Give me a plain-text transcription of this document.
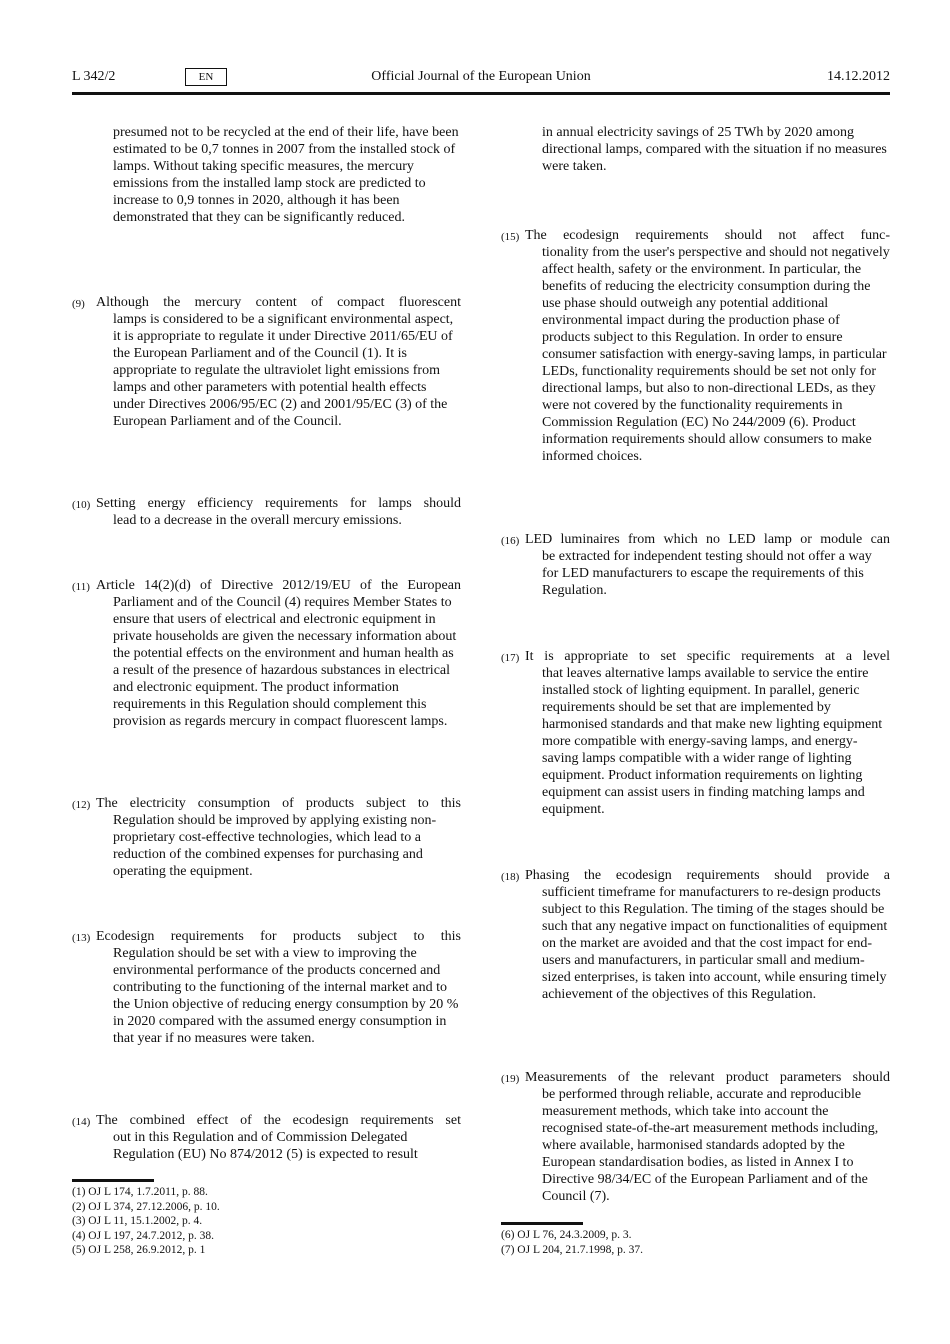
L 342/2	EN	Official Journal of the European Union	14.12.2012
presumed not to be recycled at the end of their life, have been estimated to be 0,7 tonnes in 2007 from the installed stock of lamps. Without taking specific measures, the mercury emissions from the installed lamp stock are predicted to increase to 0,9 tonnes in 2020, although it has been demonstrated that they can be significantly reduced.
(9) Although the mercury content of compact fluorescent
lamps is considered to be a significant environmental aspect, it is appropriate to regulate it under Directive 2011/65/EU of the European Parliament and of the Council (1). It is appropriate to regulate the ultraviolet light emissions from lamps and other parameters with potential health effects under Directives 2006/95/EC (2) and 2001/95/EC (3) of the European Parliament and of the Council.
(10) Setting energy efficiency requirements for lamps should
lead to a decrease in the overall mercury emissions.
(11) Article 14(2)(d) of Directive 2012/19/EU of the European
Parliament and of the Council (4) requires Member States to ensure that users of electrical and electronic equipment in private households are given the necessary information about the potential effects on the environment and human health as a result of the presence of hazardous substances in electrical and electronic equipment. The product information requirements in this Regulation should complement this provision as regards mercury in compact fluorescent lamps.
(12) The electricity consumption of products subject to this
Regulation should be improved by applying existing non-proprietary cost-effective technologies, which lead to a reduction of the combined expenses for purchasing and operating the equipment.
(13) Ecodesign requirements for products subject to this
Regulation should be set with a view to improving the environmental performance of the products concerned and contributing to the functioning of the internal market and to the Union objective of reducing energy consumption by 20 % in 2020 compared with the assumed energy consumption in that year if no measures were taken.
(14) The combined effect of the ecodesign requirements set
out in this Regulation and of Commission Delegated Regulation (EU) No 874/2012 (5) is expected to result
(1) OJ L 174, 1.7.2011, p. 88.
(2) OJ L 374, 27.12.2006, p. 10.
(3) OJ L 11, 15.1.2002, p. 4.
(4) OJ L 197, 24.7.2012, p. 38.
(5) OJ L 258, 26.9.2012, p. 1
in annual electricity savings of 25 TWh by 2020 among directional lamps, compared with the situation if no measures were taken.
(15) The ecodesign requirements should not affect func-
tionality from the user's perspective and should not negatively affect health, safety or the environment. In particular, the benefits of reducing the electricity consumption during the use phase should outweigh any potential additional environmental impact during the production phase of products subject to this Regulation. In order to ensure consumer satisfaction with energy-saving lamps, in particular LEDs, functionality requirements should be set not only for directional lamps, but also to non-directional LEDs, as they were not covered by the functionality requirements in Commission Regulation (EC) No 244/2009 (6). Product information requirements should allow consumers to make informed choices.
(16) LED luminaires from which no LED lamp or module can
be extracted for independent testing should not offer a way for LED manufacturers to escape the requirements of this Regulation.
(17) It is appropriate to set specific requirements at a level
that leaves alternative lamps available to service the entire installed stock of lighting equipment. In parallel, generic requirements should be set that are implemented by harmonised standards and that make new lighting equipment more compatible with energy-saving lamps, and energy-saving lamps compatible with a wider range of lighting equipment. Product information requirements on lighting equipment can assist users in finding matching lamps and equipment.
(18) Phasing the ecodesign requirements should provide a
sufficient timeframe for manufacturers to re-design products subject to this Regulation. The timing of the stages should be such that any negative impact on functionalities of equipment on the market are avoided and that the cost impact for end-users and manufacturers, in particular small and medium-sized enterprises, is taken into account, while ensuring timely achievement of the objectives of this Regulation.
(19) Measurements of the relevant product parameters should
be performed through reliable, accurate and reproducible measurement methods, which take into account the recognised state-of-the-art measurement methods including, where available, harmonised standards adopted by the European standardisation bodies, as listed in Annex I to Directive 98/34/EC of the European Parliament and of the Council (7).
(6) OJ L 76, 24.3.2009, p. 3.
(7) OJ L 204, 21.7.1998, p. 37.
